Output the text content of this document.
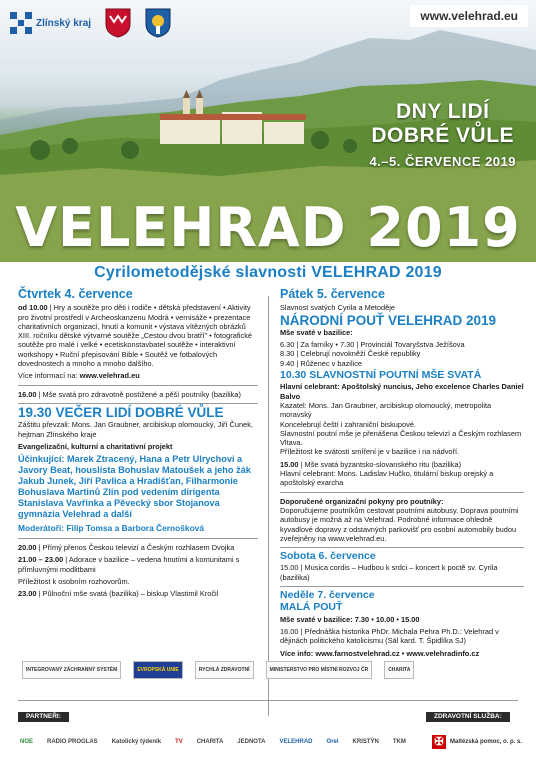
Zlínský kraj	www.velehrad.eu
DNY LIDÍ
DOBRÉ VŮLE
4.–5. ČERVENCE 2019
VELEHRAD 2019
Cyrilometodějské slavnosti VELEHRAD 2019
Čtvrtek 4. července
od 10.00 | Hry a soutěže pro děti i rodiče • dětská představení • Aktivity pro životní prostředí v Archeoskanzenu Modrá • vernisáže • prezentace charitativních organizací, hnutí a komunit • výstava vítězných obrázků XIII. ročníku dětské výtvarné soutěže „Cestou dvou bratří" • fotografické soutěže pro malé i velké • ecetiskonstavbatel soutěže • interaktivní workshopy • Ruční přepisování Bible • Soutěž ve fotbalových dovednostech a mnoho a mnoho dalšího.
Více informací na: www.velehrad.eu
16.00 | Mše svatá pro zdravotně postižené a pěší poutníky (bazilika)
19.30 VEČER LIDÍ DOBRÉ VŮLE
Záštitu převzali: Mons. Jan Graubner, arcibiskup olomoucký, Jiří Čunek, hejtman Zlínského kraje
Evangelizační, kulturní a charitativní projekt
Účinkující: Marek Ztracený, Hana a Petr Ulrychovi a Javory Beat, houslista Bohuslav Matoušek a jeho žák Jakub Junek, Jiří Pavlica a Hradišťan, Filharmonie Bohuslava Martinů Zlín pod vedením dirigenta Stanislava Vavřinka a Pěvecký sbor Stojanova gymnázia Velehrad a další
Moderátoři: Filip Tomsa a Barbora Černošková
20.00 | Přímý přenos Českou televizí a Českým rozhlasem Dvojka
21.00 – 23.00 | Adorace v bazilice – vedena hnutími a komunitami s přímluvnými modlitbami
Příležitost k osobním rozhovorům.
23.00 | Půlnoční mše svatá (bazilika) – biskup Vlastimil Kročil
Pátek 5. července
Slavnost svatých Cyrila a Metoděje
NÁRODNÍ POUŤ VELEHRAD 2019
Mše svaté v bazilice:
6.30 | Za farníky • 7.30 | Provinciál Tovaryšstva Ježíšova
8.30 | Celebrují novokněží České republiky
9.40 | Růženec v bazilice
10.30 SLAVNOSTNÍ POUTNÍ MŠE SVATÁ
Hlavní celebrant: Apoštolský nuncius, Jeho excelence Charles Daniel Balvo
Kazatel: Mons. Jan Graubner, arcibiskup olomoucký, metropolita moravský
Koncelebrují čeští i zahraniční biskupové.
Slavnostní poutní mše je přenášena Českou televizí a Českým rozhlasem Vltava.
Příležitost ke svátosti smíření je v bazilice i na nádvoří.
15.00 | Mše svatá byzantsko-slovanského ritu (bazilika)
Hlavní celebrant: Mons. Ladislav Hučko, titulární biskup orejský a apoštolský exarcha
Doporučené organizační pokyny pro poutníky:
Doporučujeme poutníkům cestovat poutními autobusy. Doprava poutními autobusy je možná až na Velehrad. Podrobné informace ohledně kyvadlové dopravy z odstavných parkovišť pro osobní automobily budou zveřejněny na www.velehrad.eu.
Sobota 6. července
15.00 | Musica cordis – Hudbou k srdci – koncert k poctě sv. Cyrila (bazilika)
Neděle 7. července
MALÁ POUŤ
Mše svaté v bazilice: 7.30 • 10.00 • 15.00
16.00 | Přednáška historika PhDr. Michala Pehra Ph.D.: Velehrad v dějinách politického katolicismu (Sál kard. T. Špidlíka SJ)
Více info: www.farnostvelehrad.cz • www.velehradinfo.cz
INTEGROVANÝ ZÁCHRANNÝ SYSTÉM	EVROPSKÁ UNIE	RYCHLÁ ZDRAVOTNÍ	MINISTERSTVO PRO MÍSTNÍ ROZVOJ ČR	CHARITA
PARTNEŘI:	ZDRAVOTNÍ SLUŽBA:
NOE	RADIO PROGLAS	Katolický týdeník	TV	CHARITA	JEDNOTA	VELEHRAD	Orel	KRISTÝN	TKM	✠	Maltézská pomoc, o. p. s.
